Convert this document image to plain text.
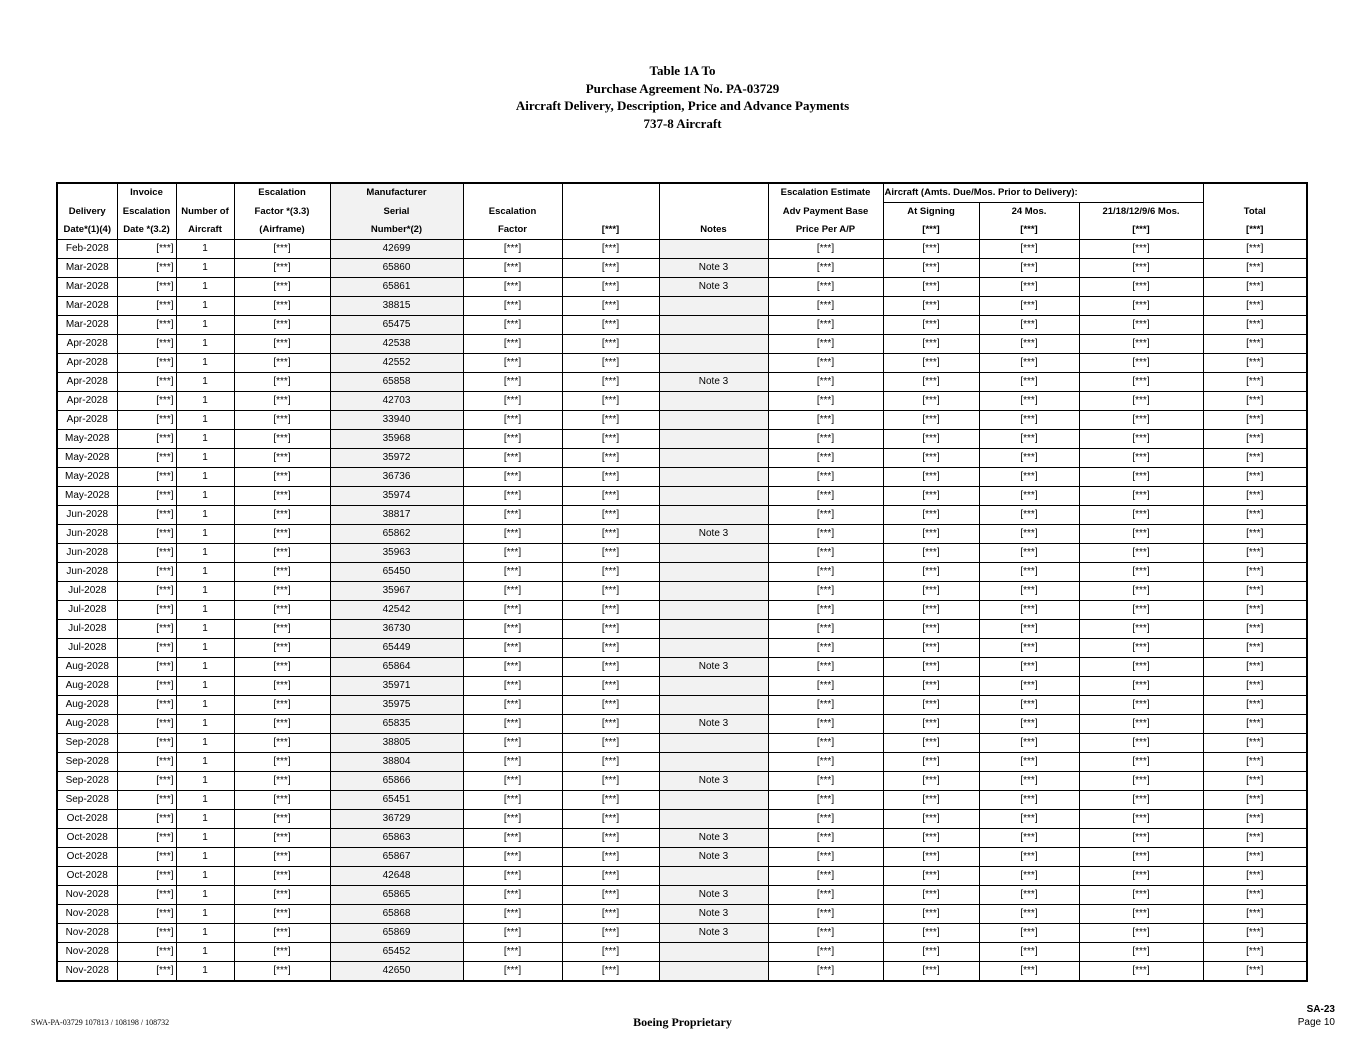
Table 1A To
Purchase Agreement No. PA-03729
Aircraft Delivery, Description, Price and Advance Payments
737-8 Aircraft
	Invoice		Escalation	Manufacturer				Escalation Estimate	Aircraft (Amts. Due/Mos. Prior to Delivery):			
Delivery	Escalation	Number of	Factor *(3.3)	Serial	Escalation			Adv Payment Base	At Signing	24 Mos.	21/18/12/9/6 Mos.	Total
Date*(1)(4)	Date *(3.2)	Aircraft	(Airframe)	Number*(2)	Factor	[***]	Notes	Price Per A/P	[***]	[***]	[***]	[***]
Feb-2028	[***]	1	[***]	42699	[***]	[***]		[***]	[***]	[***]	[***]	[***]
Mar-2028	[***]	1	[***]	65860	[***]	[***]	Note 3	[***]	[***]	[***]	[***]	[***]
Mar-2028	[***]	1	[***]	65861	[***]	[***]	Note 3	[***]	[***]	[***]	[***]	[***]
Mar-2028	[***]	1	[***]	38815	[***]	[***]		[***]	[***]	[***]	[***]	[***]
Mar-2028	[***]	1	[***]	65475	[***]	[***]		[***]	[***]	[***]	[***]	[***]
Apr-2028	[***]	1	[***]	42538	[***]	[***]		[***]	[***]	[***]	[***]	[***]
Apr-2028	[***]	1	[***]	42552	[***]	[***]		[***]	[***]	[***]	[***]	[***]
Apr-2028	[***]	1	[***]	65858	[***]	[***]	Note 3	[***]	[***]	[***]	[***]	[***]
Apr-2028	[***]	1	[***]	42703	[***]	[***]		[***]	[***]	[***]	[***]	[***]
Apr-2028	[***]	1	[***]	33940	[***]	[***]		[***]	[***]	[***]	[***]	[***]
May-2028	[***]	1	[***]	35968	[***]	[***]		[***]	[***]	[***]	[***]	[***]
May-2028	[***]	1	[***]	35972	[***]	[***]		[***]	[***]	[***]	[***]	[***]
May-2028	[***]	1	[***]	36736	[***]	[***]		[***]	[***]	[***]	[***]	[***]
May-2028	[***]	1	[***]	35974	[***]	[***]		[***]	[***]	[***]	[***]	[***]
Jun-2028	[***]	1	[***]	38817	[***]	[***]		[***]	[***]	[***]	[***]	[***]
Jun-2028	[***]	1	[***]	65862	[***]	[***]	Note 3	[***]	[***]	[***]	[***]	[***]
Jun-2028	[***]	1	[***]	35963	[***]	[***]		[***]	[***]	[***]	[***]	[***]
Jun-2028	[***]	1	[***]	65450	[***]	[***]		[***]	[***]	[***]	[***]	[***]
Jul-2028	[***]	1	[***]	35967	[***]	[***]		[***]	[***]	[***]	[***]	[***]
Jul-2028	[***]	1	[***]	42542	[***]	[***]		[***]	[***]	[***]	[***]	[***]
Jul-2028	[***]	1	[***]	36730	[***]	[***]		[***]	[***]	[***]	[***]	[***]
Jul-2028	[***]	1	[***]	65449	[***]	[***]		[***]	[***]	[***]	[***]	[***]
Aug-2028	[***]	1	[***]	65864	[***]	[***]	Note 3	[***]	[***]	[***]	[***]	[***]
Aug-2028	[***]	1	[***]	35971	[***]	[***]		[***]	[***]	[***]	[***]	[***]
Aug-2028	[***]	1	[***]	35975	[***]	[***]		[***]	[***]	[***]	[***]	[***]
Aug-2028	[***]	1	[***]	65835	[***]	[***]	Note 3	[***]	[***]	[***]	[***]	[***]
Sep-2028	[***]	1	[***]	38805	[***]	[***]		[***]	[***]	[***]	[***]	[***]
Sep-2028	[***]	1	[***]	38804	[***]	[***]		[***]	[***]	[***]	[***]	[***]
Sep-2028	[***]	1	[***]	65866	[***]	[***]	Note 3	[***]	[***]	[***]	[***]	[***]
Sep-2028	[***]	1	[***]	65451	[***]	[***]		[***]	[***]	[***]	[***]	[***]
Oct-2028	[***]	1	[***]	36729	[***]	[***]		[***]	[***]	[***]	[***]	[***]
Oct-2028	[***]	1	[***]	65863	[***]	[***]	Note 3	[***]	[***]	[***]	[***]	[***]
Oct-2028	[***]	1	[***]	65867	[***]	[***]	Note 3	[***]	[***]	[***]	[***]	[***]
Oct-2028	[***]	1	[***]	42648	[***]	[***]		[***]	[***]	[***]	[***]	[***]
Nov-2028	[***]	1	[***]	65865	[***]	[***]	Note 3	[***]	[***]	[***]	[***]	[***]
Nov-2028	[***]	1	[***]	65868	[***]	[***]	Note 3	[***]	[***]	[***]	[***]	[***]
Nov-2028	[***]	1	[***]	65869	[***]	[***]	Note 3	[***]	[***]	[***]	[***]	[***]
Nov-2028	[***]	1	[***]	65452	[***]	[***]		[***]	[***]	[***]	[***]	[***]
Nov-2028	[***]	1	[***]	42650	[***]	[***]		[***]	[***]	[***]	[***]	[***]
SWA-PA-03729 107813 / 108198 / 108732	Boeing Proprietary
SA-23
Page 10
